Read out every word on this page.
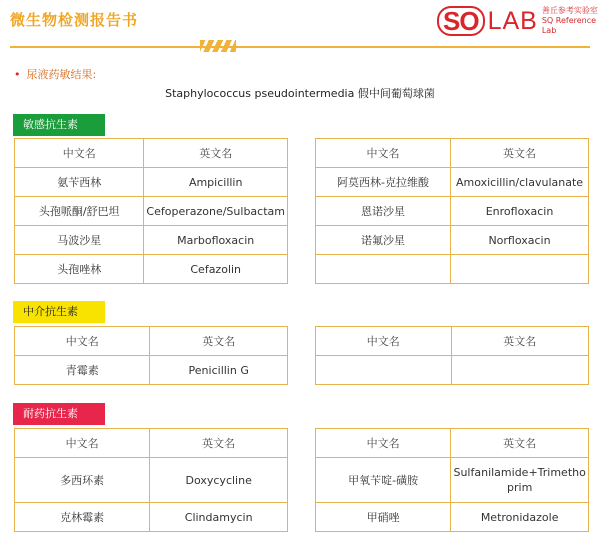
微生物检测报告书	SO LAB 善丘参考实验室
SQ Reference Lab
• 尿液药敏结果:
Staphylococcus pseudointermedia 假中间葡萄球菌
敏感抗生素
中文名	英文名
氨苄西林	Ampicillin
头孢哌酮/舒巴坦	Cefoperazone/Sulbactam
马波沙星	Marbofloxacin
头孢唑林	Cefazolin
中文名	英文名
阿莫西林-克拉维酸	Amoxicillin/clavulanate
恩诺沙星	Enrofloxacin
诺氟沙星	Norfloxacin

中介抗生素
中文名	英文名
青霉素	Penicillin G
中文名	英文名

耐药抗生素
中文名	英文名
多西环素	Doxycycline
克林霉素	Clindamycin
中文名	英文名
甲氧苄啶-磺胺	Sulfanilamide+Trimethoprim
甲硝唑	Metronidazole
